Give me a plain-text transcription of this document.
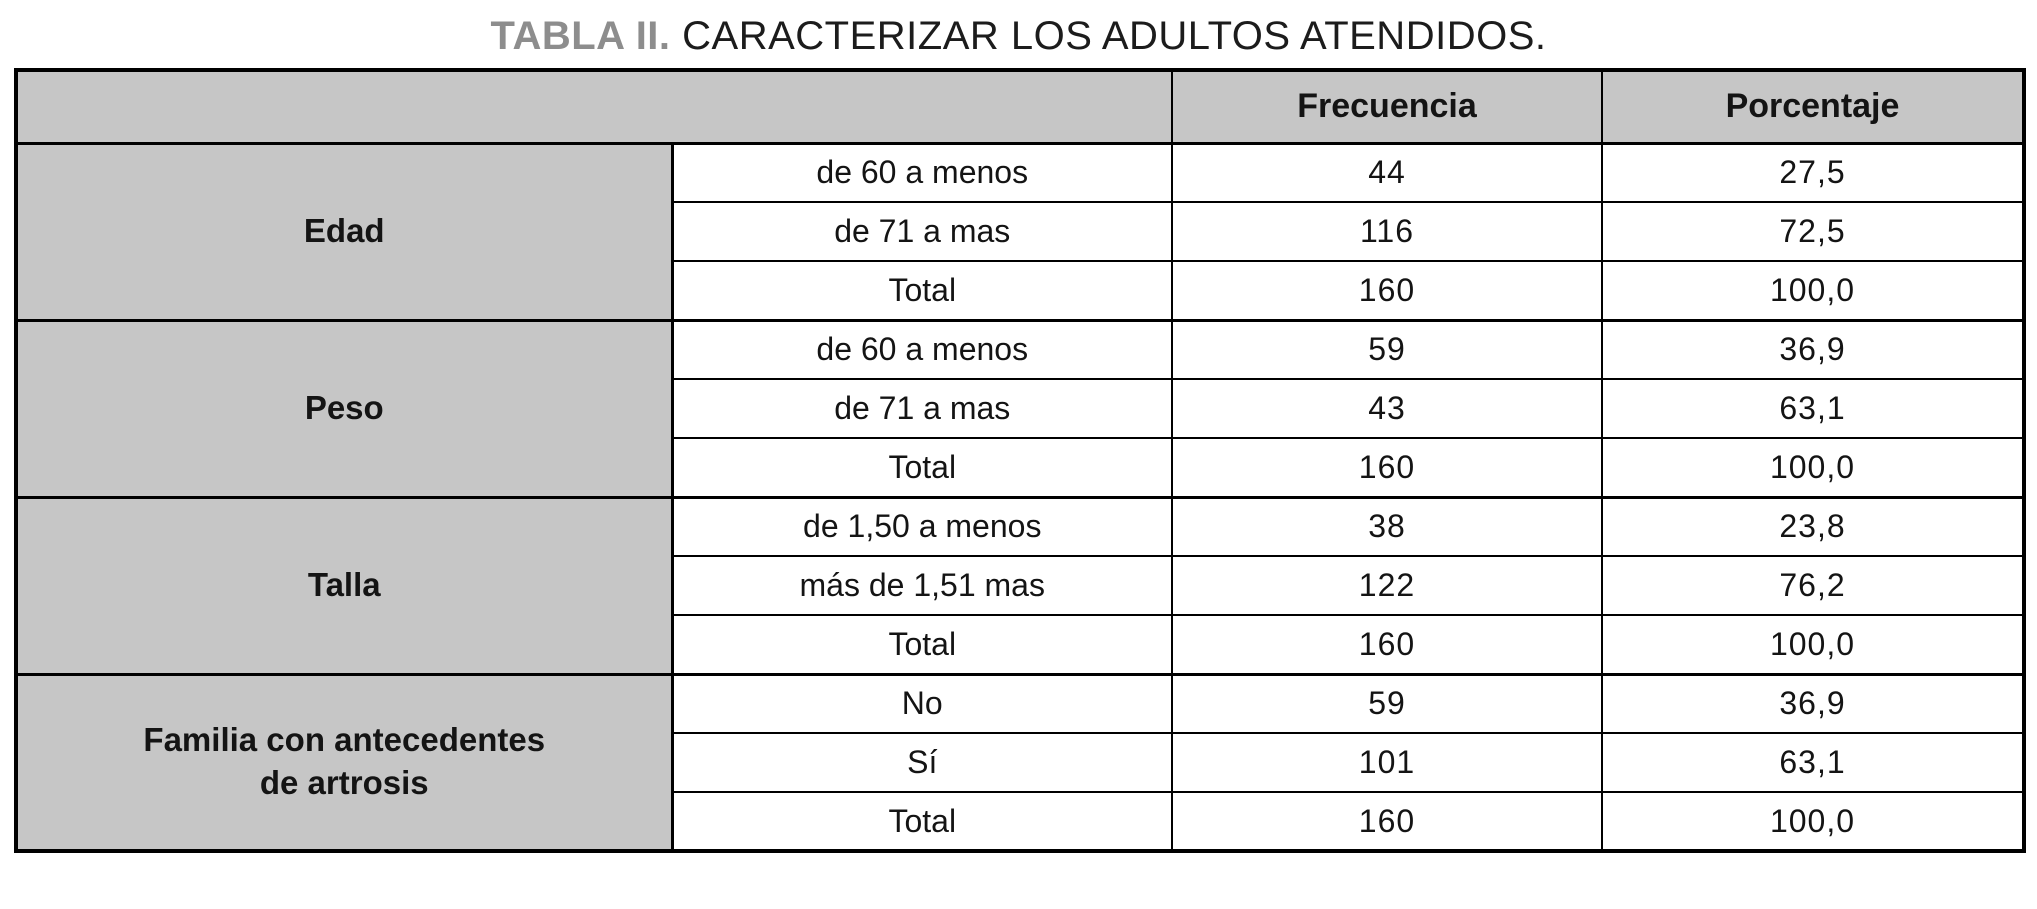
TABLA II. CARACTERIZAR LOS ADULTOS ATENDIDOS.
		Frecuencia	Porcentaje
Edad	de 60 a menos	44	27,5
	de 71 a mas	116	72,5
	Total	160	100,0
Peso	de 60 a menos	59	36,9
	de 71 a mas	43	63,1
	Total	160	100,0
Talla	de 1,50 a menos	38	23,8
	más de 1,51 mas	122	76,2
	Total	160	100,0
Familia con antecedentes
de artrosis	No	59	36,9
	Sí	101	63,1
	Total	160	100,0
